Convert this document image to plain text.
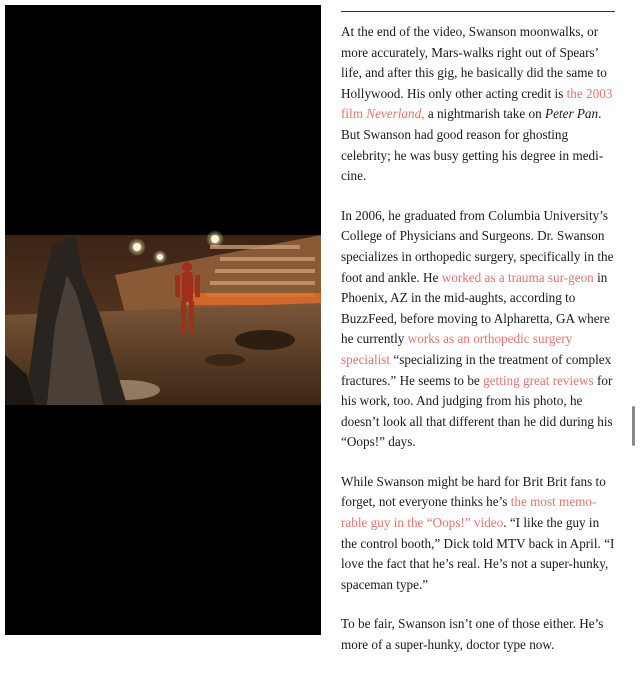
At the end of the video, Swanson moonwalks, or more accurately, Mars-walks right out of Spears’ life, and after this gig, he basically did the same to Hollywood. His only other acting credit is the 2003 film Neverland, a nightmarish take on Peter Pan. But Swanson had good reason for ghosting celebrity; he was busy getting his degree in medi-cine.

In 2006, he graduated from Columbia University’s College of Physicians and Surgeons. Dr. Swanson specializes in orthopedic surgery, specifically in the foot and ankle. He worked as a trauma sur-geon in Phoenix, AZ in the mid-aughts, according to BuzzFeed, before moving to Alpharetta, GA where he currently works as an orthopedic surgery specialist “specializing in the treatment of complex fractures.” He seems to be getting great reviews for his work, too. And judging from his photo, he doesn’t look all that different than he did during his “Oops!” days.

While Swanson might be hard for Brit Brit fans to forget, not everyone thinks he’s the most memo-rable guy in the “Oops!” video. “I like the guy in the control booth,” Dick told MTV back in April. “I love the fact that he’s real. He’s not a super-hunky, spaceman type.”

To be fair, Swanson isn’t one of those either. He’s more of a super-hunky, doctor type now.
